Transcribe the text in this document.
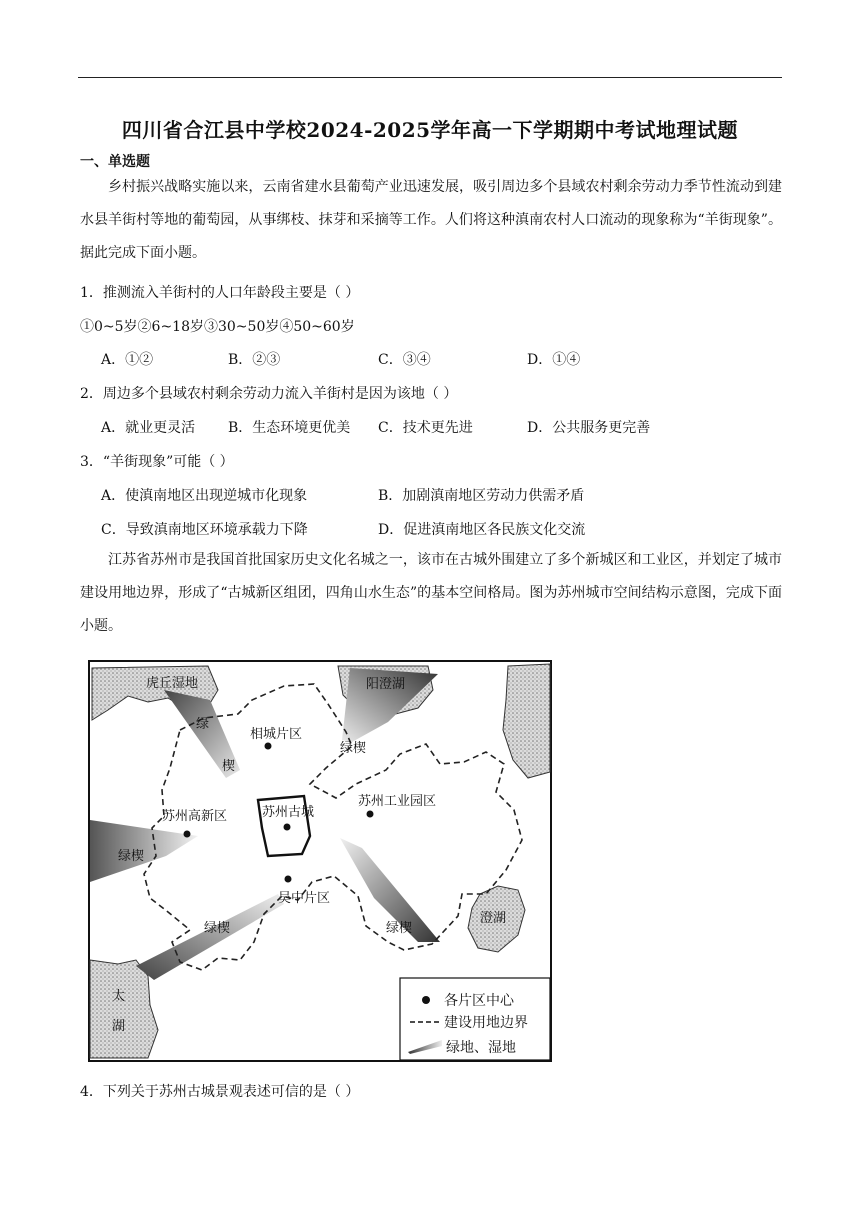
四川省合江县中学校2024-2025学年高一下学期期中考试地理试题
一、单选题

乡村振兴战略实施以来，云南省建水县葡萄产业迅速发展，吸引周边多个县域农村剩余劳动力季节性流动到建水县羊街村等地的葡萄园，从事绑枝、抹芽和采摘等工作。人们将这种滇南农村人口流动的现象称为“羊街现象”。据此完成下面小题。

1．推测流入羊街村的人口年龄段主要是（ ）
①0~5岁②6~18岁③30~50岁④50~60岁
A．①②	B．②③	C．③④	D．①④
2．周边多个县域农村剩余劳动力流入羊街村是因为该地（ ）
A．就业更灵活 B．生态环境更优美 C．技术更先进	D．公共服务更完善
3．“羊街现象”可能（ ）
A．使滇南地区出现逆城市化现象	B．加剧滇南地区劳动力供需矛盾
C．导致滇南地区环境承载力下降	D．促进滇南地区各民族文化交流

江苏省苏州市是我国首批国家历史文化名城之一，该市在古城外围建立了多个新城区和工业区，并划定了城市建设用地边界，形成了“古城新区组团，四角山水生态”的基本空间格局。图为苏州城市空间结构示意图，完成下面小题。

虎丘湿地	阳澄湖
相城片区
苏州高新区	苏州古城
苏州工业园区
吴中片区
澄湖
太
湖
绿
楔
绿楔
绿楔
绿楔	绿楔
各片区中心
建设用地边界
绿地、湿地
4．下列关于苏州古城景观表述可信的是（ ）
